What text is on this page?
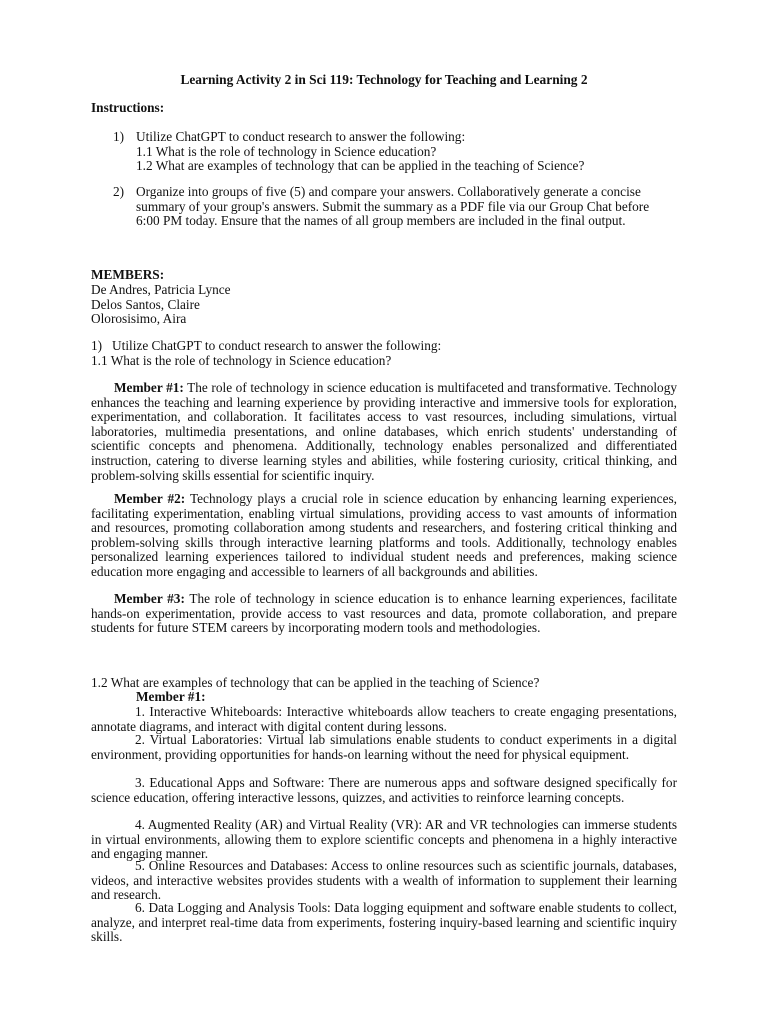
Learning Activity 2 in Sci 119: Technology for Teaching and Learning 2
Instructions:
1) Utilize ChatGPT to conduct research to answer the following:
1.1 What is the role of technology in Science education?
1.2 What are examples of technology that can be applied in the teaching of Science?
2) Organize into groups of five (5) and compare your answers. Collaboratively generate a concise summary of your group's answers. Submit the summary as a PDF file via our Group Chat before 6:00 PM today. Ensure that the names of all group members are included in the final output.
MEMBERS:
De Andres, Patricia Lynce
Delos Santos, Claire
Olorosisimo, Aira
1)   Utilize ChatGPT to conduct research to answer the following:
1.1 What is the role of technology in Science education?
Member #1: The role of technology in science education is multifaceted and transformative. Technology enhances the teaching and learning experience by providing interactive and immersive tools for exploration, experimentation, and collaboration. It facilitates access to vast resources, including simulations, virtual laboratories, multimedia presentations, and online databases, which enrich students' understanding of scientific concepts and phenomena. Additionally, technology enables personalized and differentiated instruction, catering to diverse learning styles and abilities, while fostering curiosity, critical thinking, and problem-solving skills essential for scientific inquiry.
Member #2: Technology plays a crucial role in science education by enhancing learning experiences, facilitating experimentation, enabling virtual simulations, providing access to vast amounts of information and resources, promoting collaboration among students and researchers, and fostering critical thinking and problem-solving skills through interactive learning platforms and tools. Additionally, technology enables personalized learning experiences tailored to individual student needs and preferences, making science education more engaging and accessible to learners of all backgrounds and abilities.
Member #3: The role of technology in science education is to enhance learning experiences, facilitate hands-on experimentation, provide access to vast resources and data, promote collaboration, and prepare students for future STEM careers by incorporating modern tools and methodologies.
1.2 What are examples of technology that can be applied in the teaching of Science?
Member #1:
1. Interactive Whiteboards: Interactive whiteboards allow teachers to create engaging presentations, annotate diagrams, and interact with digital content during lessons.
2. Virtual Laboratories: Virtual lab simulations enable students to conduct experiments in a digital environment, providing opportunities for hands-on learning without the need for physical equipment.
3. Educational Apps and Software: There are numerous apps and software designed specifically for science education, offering interactive lessons, quizzes, and activities to reinforce learning concepts.
4. Augmented Reality (AR) and Virtual Reality (VR): AR and VR technologies can immerse students in virtual environments, allowing them to explore scientific concepts and phenomena in a highly interactive and engaging manner.
5. Online Resources and Databases: Access to online resources such as scientific journals, databases, videos, and interactive websites provides students with a wealth of information to supplement their learning and research.
6. Data Logging and Analysis Tools: Data logging equipment and software enable students to collect, analyze, and interpret real-time data from experiments, fostering inquiry-based learning and scientific inquiry skills.
